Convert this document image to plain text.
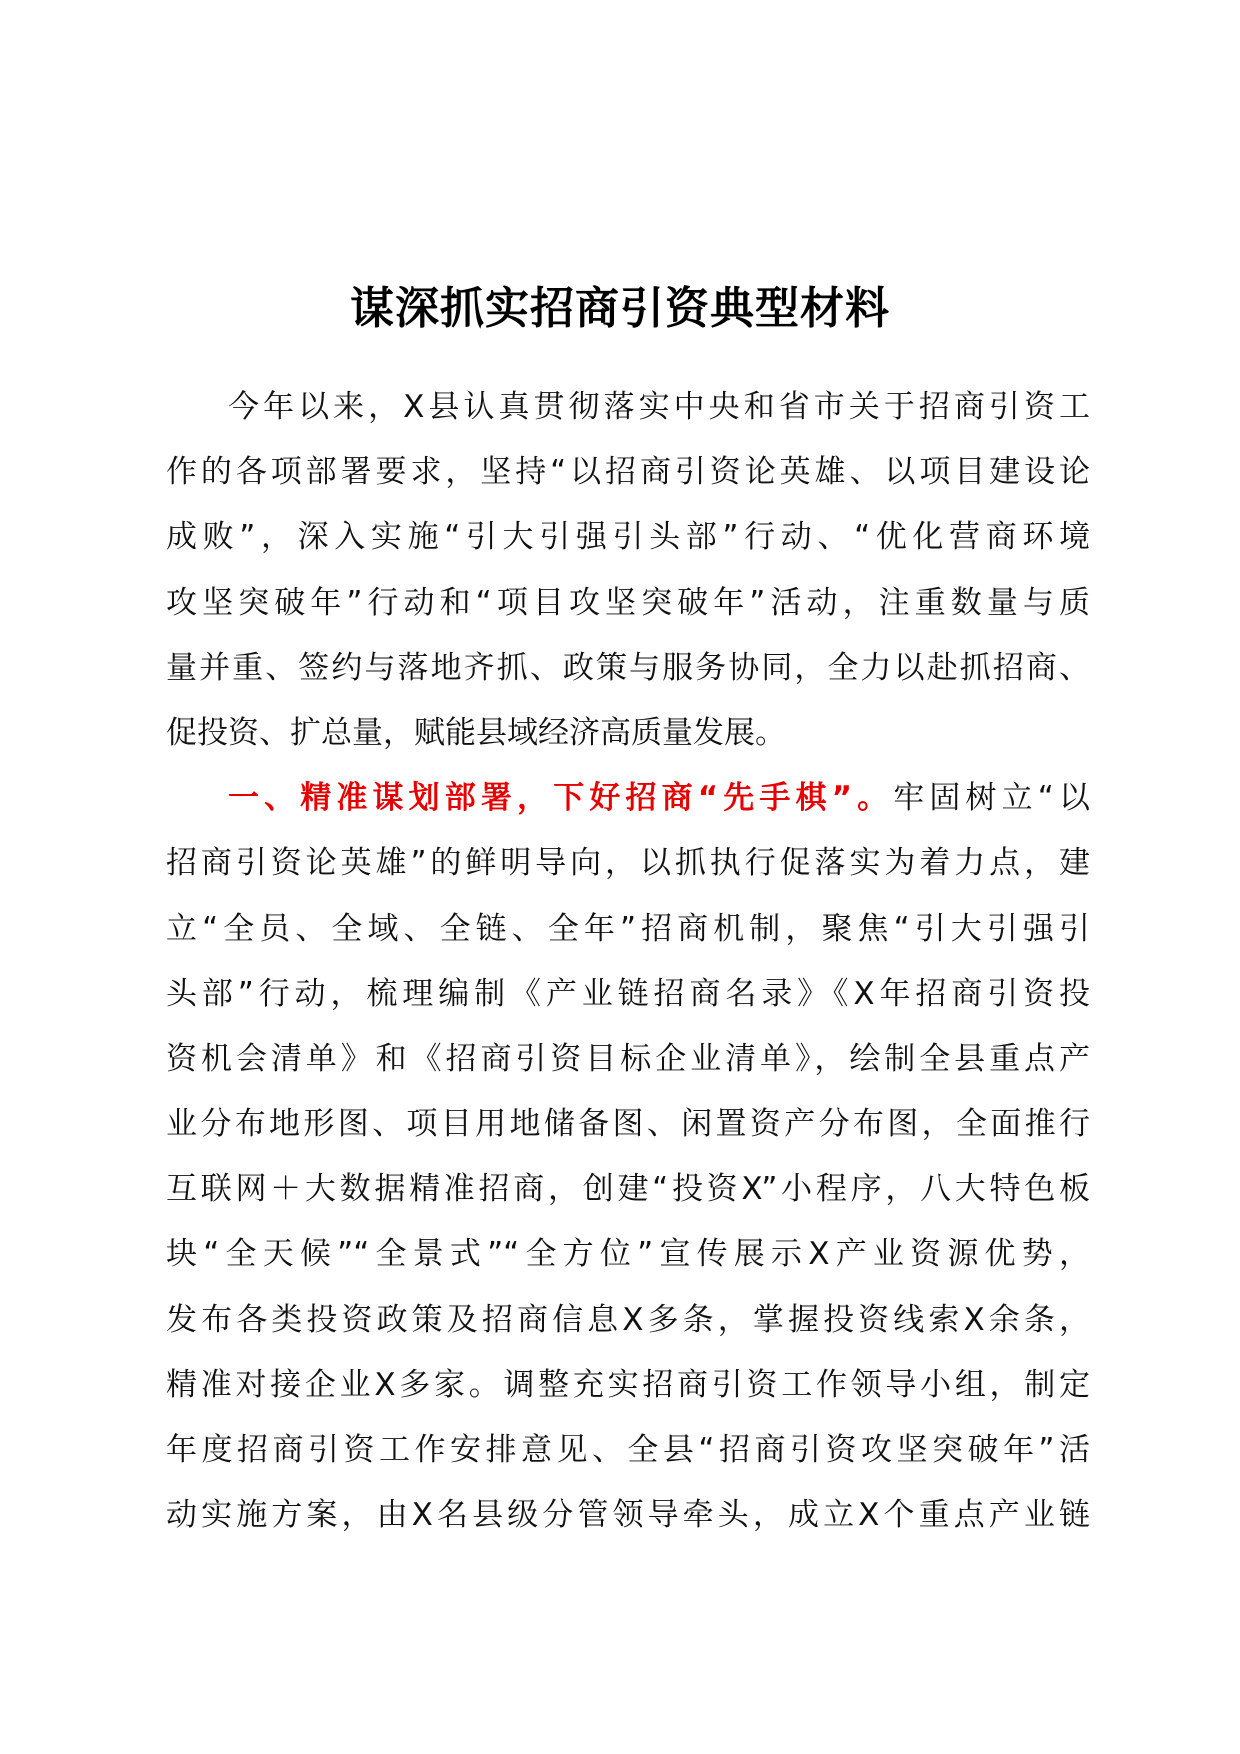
谋深抓实招商引资典型材料
今年以来，X县认真贯彻落实中央和省市关于招商引资工
作的各项部署要求，坚持“以招商引资论英雄、以项目建设论
成败”，深入实施“引大引强引头部”行动、“优化营商环境
攻坚突破年”行动和“项目攻坚突破年”活动，注重数量与质
量并重、签约与落地齐抓、政策与服务协同，全力以赴抓招商、
促投资、扩总量，赋能县域经济高质量发展。
一、精准谋划部署，下好招商“先手棋”。牢固树立“以
招商引资论英雄”的鲜明导向，以抓执行促落实为着力点，建
立“全员、全域、全链、全年”招商机制，聚焦“引大引强引
头部”行动，梳理编制《产业链招商名录》《X年招商引资投
资机会清单》和《招商引资目标企业清单》，绘制全县重点产
业分布地形图、项目用地储备图、闲置资产分布图，全面推行
互联网＋大数据精准招商，创建“投资X”小程序，八大特色板
块“全天候”“全景式”“全方位”宣传展示X产业资源优势，
发布各类投资政策及招商信息X多条，掌握投资线索X余条，
精准对接企业X多家。调整充实招商引资工作领导小组，制定
年度招商引资工作安排意见、全县“招商引资攻坚突破年”活
动实施方案，由X名县级分管领导牵头，成立X个重点产业链
